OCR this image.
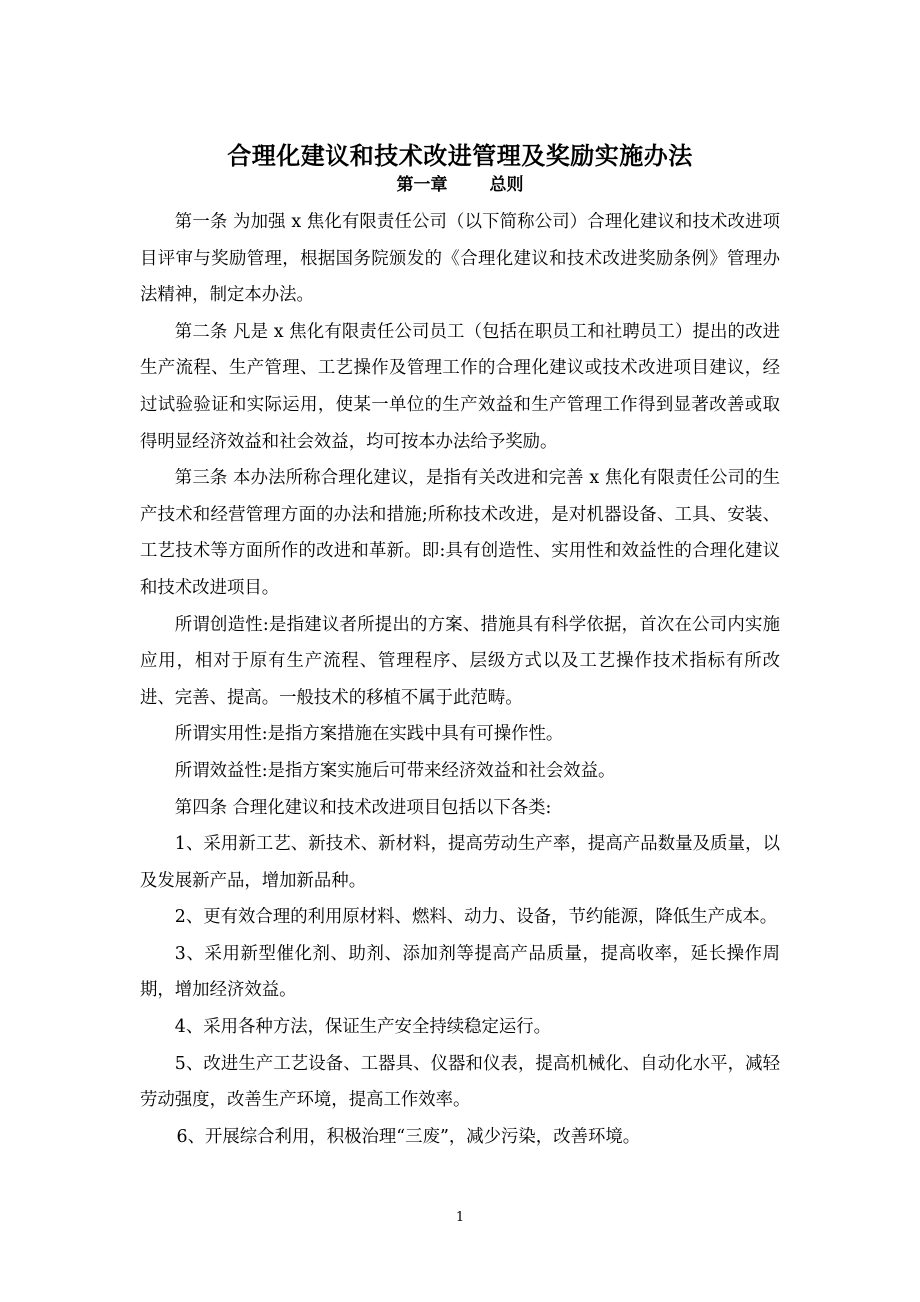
合理化建议和技术改进管理及奖励实施办法
第一章 总则

第一条 为加强 x 焦化有限责任公司（以下简称公司）合理化建议和技术改进项目评审与奖励管理，根据国务院颁发的《合理化建议和技术改进奖励条例》管理办法精神，制定本办法。

第二条 凡是 x 焦化有限责任公司员工（包括在职员工和社聘员工）提出的改进生产流程、生产管理、工艺操作及管理工作的合理化建议或技术改进项目建议，经过试验验证和实际运用，使某一单位的生产效益和生产管理工作得到显著改善或取得明显经济效益和社会效益，均可按本办法给予奖励。

第三条 本办法所称合理化建议，是指有关改进和完善 x 焦化有限责任公司的生产技术和经营管理方面的办法和措施;所称技术改进，是对机器设备、工具、安装、工艺技术等方面所作的改进和革新。即:具有创造性、实用性和效益性的合理化建议和技术改进项目。

所谓创造性:是指建议者所提出的方案、措施具有科学依据，首次在公司内实施应用，相对于原有生产流程、管理程序、层级方式以及工艺操作技术指标有所改进、完善、提高。一般技术的移植不属于此范畴。

所谓实用性:是指方案措施在实践中具有可操作性。

所谓效益性:是指方案实施后可带来经济效益和社会效益。

第四条 合理化建议和技术改进项目包括以下各类:

1、采用新工艺、新技术、新材料，提高劳动生产率，提高产品数量及质量，以及发展新产品，增加新品种。

2、更有效合理的利用原材料、燃料、动力、设备，节约能源，降低生产成本。

3、采用新型催化剂、助剂、添加剂等提高产品质量，提高收率，延长操作周期，增加经济效益。

4、采用各种方法，保证生产安全持续稳定运行。

5、改进生产工艺设备、工器具、仪器和仪表，提高机械化、自动化水平，减轻劳动强度，改善生产环境，提高工作效率。

6、开展综合利用，积极治理“三废”，减少污染，改善环境。

1
